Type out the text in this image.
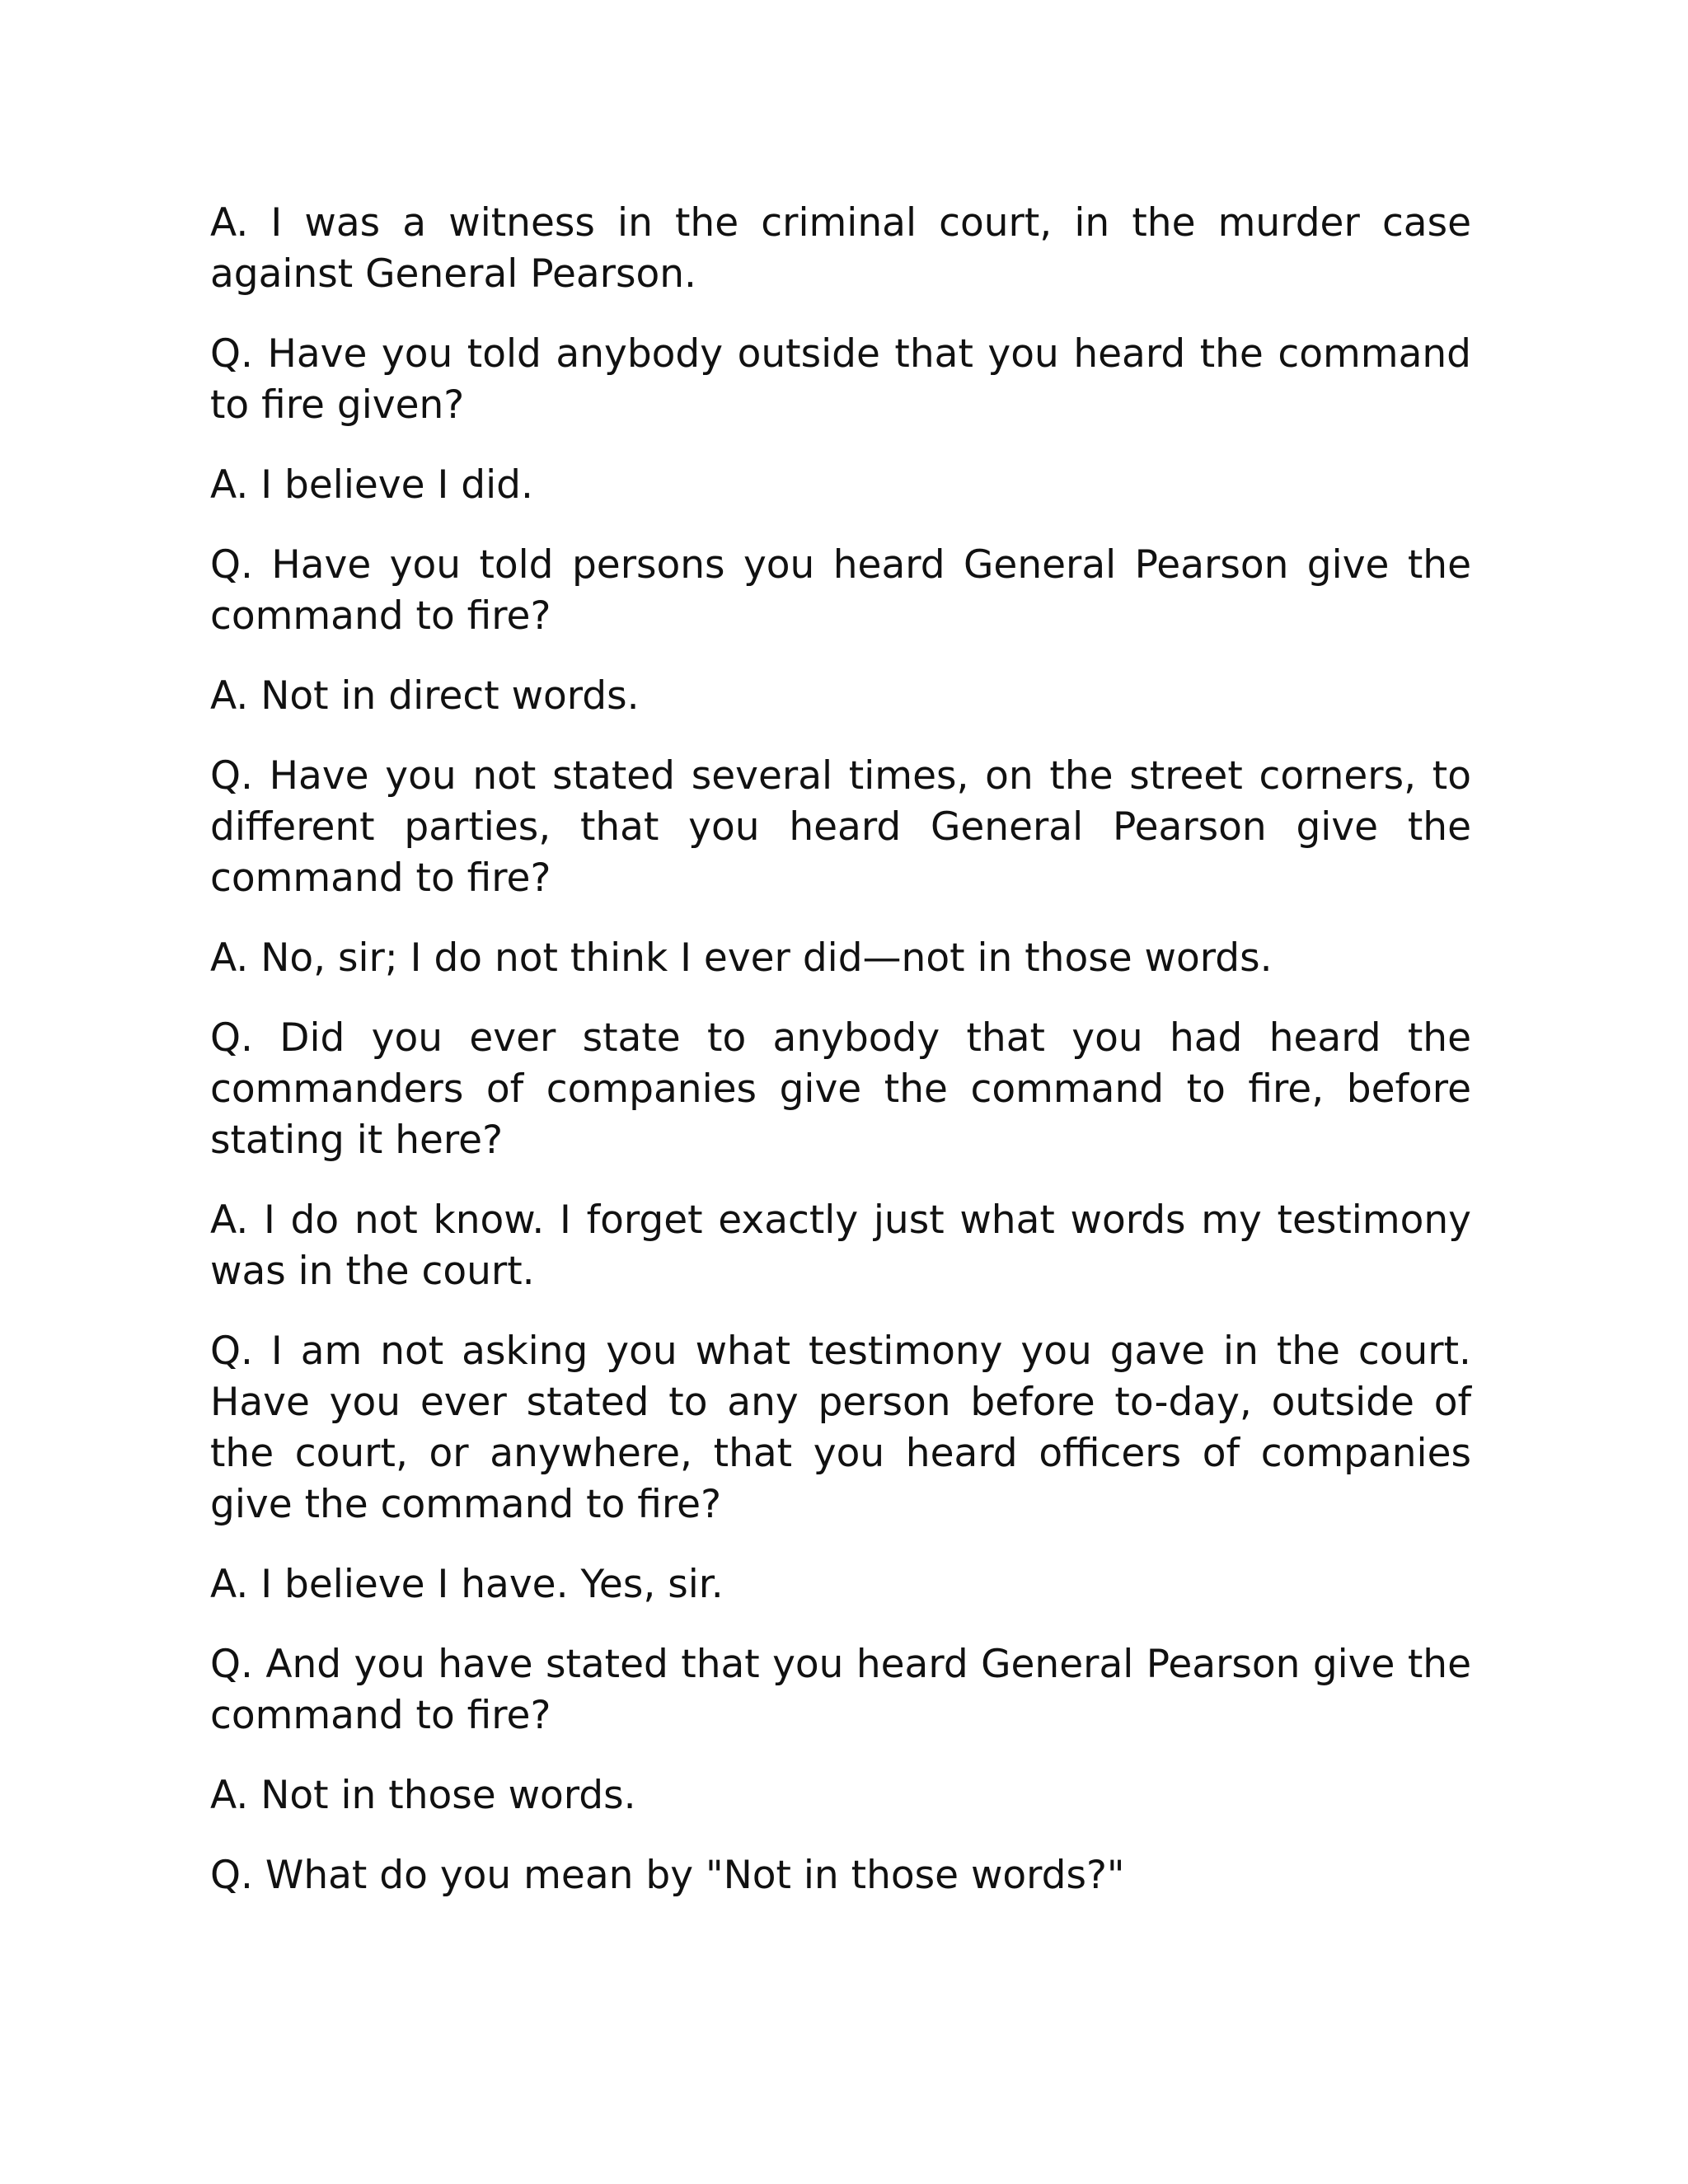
A. I was a witness in the criminal court, in the murder case against General Pearson.

Q. Have you told anybody outside that you heard the command to fire given?

A. I believe I did.

Q. Have you told persons you heard General Pearson give the command to fire?

A. Not in direct words.

Q. Have you not stated several times, on the street corners, to different parties, that you heard General Pearson give the command to fire?

A. No, sir; I do not think I ever did—not in those words.

Q. Did you ever state to anybody that you had heard the commanders of companies give the command to fire, before stating it here?

A. I do not know. I forget exactly just what words my testimony was in the court.

Q. I am not asking you what testimony you gave in the court. Have you ever stated to any person before to-day, outside of the court, or anywhere, that you heard officers of companies give the command to fire?

A. I believe I have. Yes, sir.

Q. And you have stated that you heard General Pearson give the command to fire?

A. Not in those words.

Q. What do you mean by "Not in those words?"
